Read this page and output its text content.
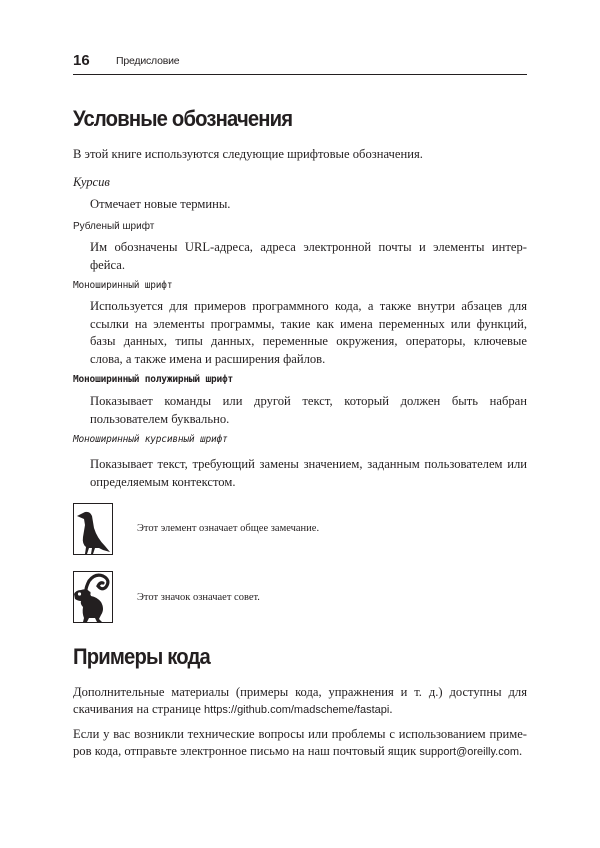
16	Предисловие
Условные обозначения

В этой книге используются следующие шрифтовые обозначения.

Курсив

Отмечает новые термины.

Рубленый шрифт

Им обозначены URL-адреса, адреса электронной почты и элементы интер-фейса.

Моноширинный шрифт

Используется для примеров программного кода, а также внутри абзацев для ссылки на элементы программы, такие как имена переменных или функций, базы данных, типы данных, переменные окружения, операторы, ключевые слова, а также имена и расширения файлов.

Моноширинный полужирный шрифт

Показывает команды или другой текст, который должен быть набран пользователем буквально.

Моноширинный курсивный шрифт

Показывает текст, требующий замены значением, заданным пользователем или определяемым контекстом.

Этот элемент означает общее замечание.
Этот значок означает совет.
Примеры кода

Дополнительные материалы (примеры кода, упражнения и т. д.) доступны для скачивания на странице https://github.com/madscheme/fastapi.

Если у вас возникли технические вопросы или проблемы с использованием приме-ров кода, отправьте электронное письмо на наш почтовый ящик support@oreilly.com.
